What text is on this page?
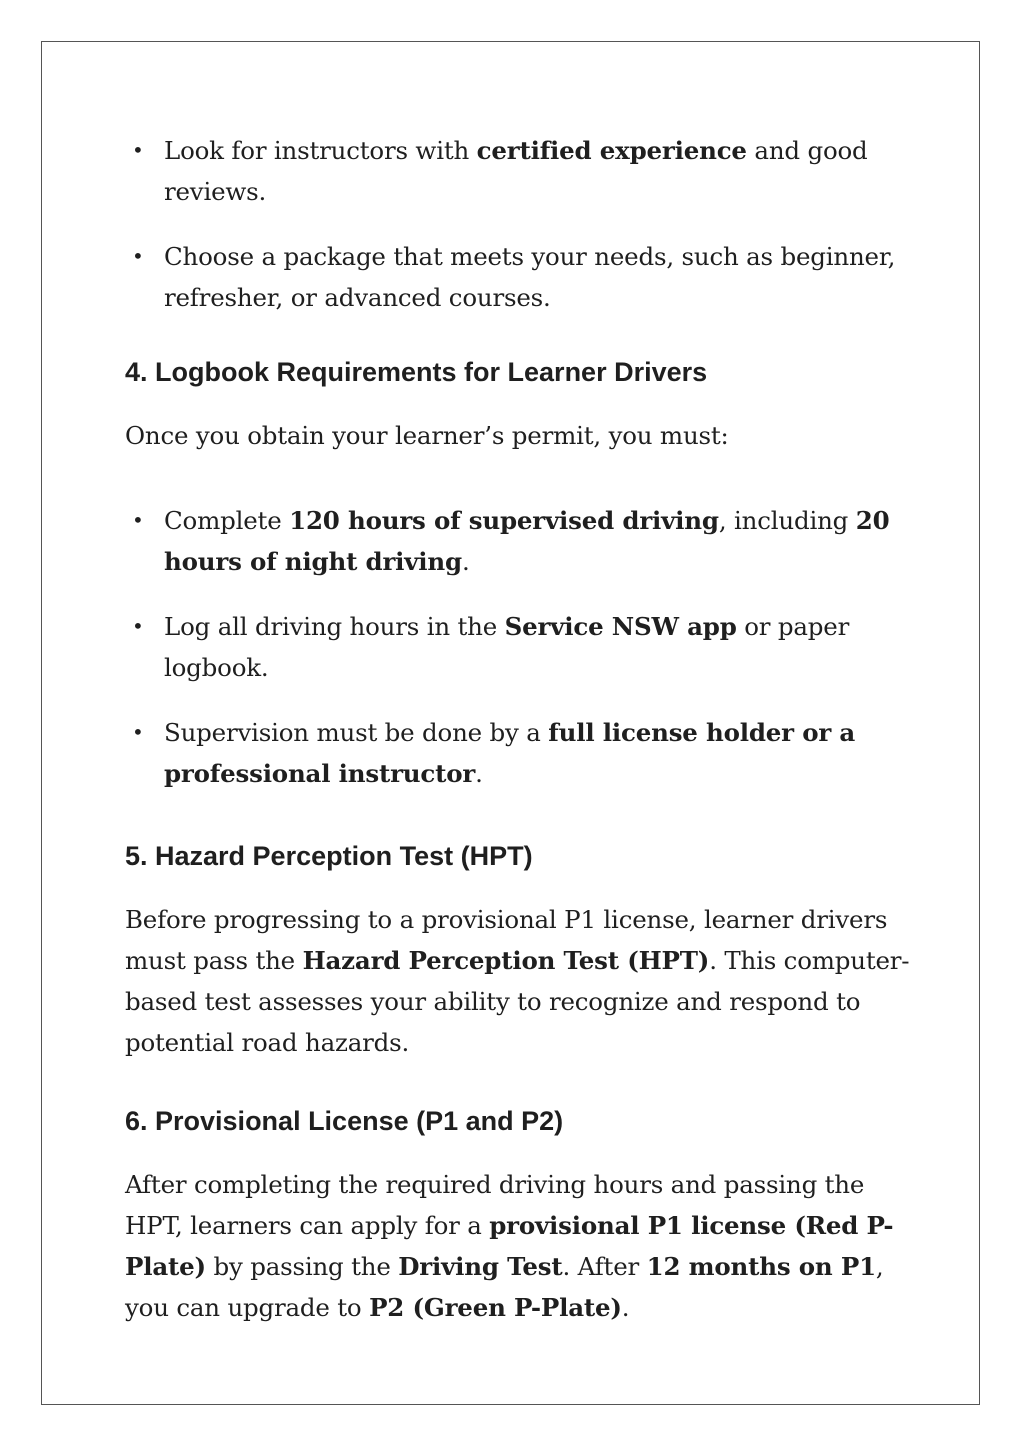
• Look for instructors with certified experience and good reviews.
• Choose a package that meets your needs, such as beginner, refresher, or advanced courses.
4. Logbook Requirements for Learner Drivers

Once you obtain your learner’s permit, you must:

• Complete 120 hours of supervised driving, including 20 hours of night driving.
• Log all driving hours in the Service NSW app or paper logbook.
• Supervision must be done by a full license holder or a professional instructor.
5. Hazard Perception Test (HPT)

Before progressing to a provisional P1 license, learner drivers must pass the Hazard Perception Test (HPT). This computer-based test assesses your ability to recognize and respond to potential road hazards.

6. Provisional License (P1 and P2)

After completing the required driving hours and passing the HPT, learners can apply for a provisional P1 license (Red P-Plate) by passing the Driving Test. After 12 months on P1, you can upgrade to P2 (Green P-Plate).
